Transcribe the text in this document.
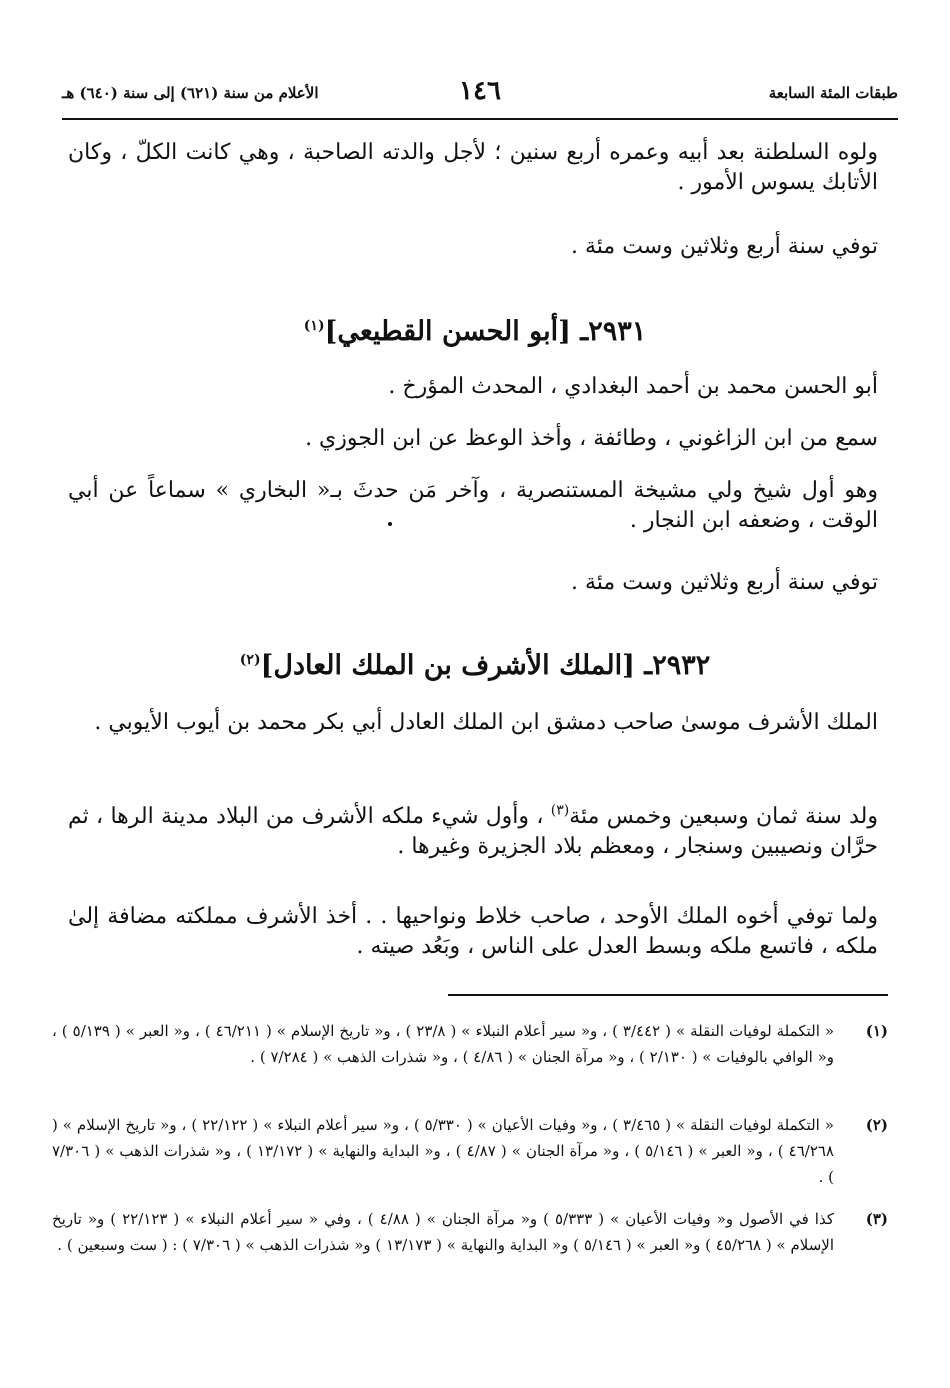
طبقات المئة السابعة
١٤٦
الأعلام من سنة (٦٢١) إلى سنة (٦٤٠) هـ
ولوه السلطنة بعد أبيه وعمره أربع سنين ؛ لأجل والدته الصاحبة ، وهي كانت الكلّ ، وكان الأتابك يسوس الأمور .
توفي سنة أربع وثلاثين وست مئة .
٢٩٣١ـ [أبو الحسن القطيعي]$^{(١)}$
أبو الحسن محمد بن أحمد البغدادي ، المحدث المؤرخ .
سمع من ابن الزاغوني ، وطائفة ، وأخذ الوعظ عن ابن الجوزي .
وهو أول شيخ ولي مشيخة المستنصرية ، وآخر مَن حدثَ بـ« البخاري » سماعاً عن أبي الوقت ، وضعفه ابن النجار .
توفي سنة أربع وثلاثين وست مئة .
٢٩٣٢ـ [الملك الأشرف بن الملك العادل]$^{(٢)}$
الملك الأشرف موسىٰ صاحب دمشق ابن الملك العادل أبي بكر محمد بن أيوب الأيوبي .
ولد سنة ثمان وسبعين وخمس مئة$^{(٣)}$ ، وأول شيء ملكه الأشرف من البلاد مدينة الرها ، ثم حرَّان ونصيبين وسنجار ، ومعظم بلاد الجزيرة وغيرها .
ولما توفي أخوه الملك الأوحد ، صاحب خلاط ونواحيها . . أخذ الأشرف مملكته مضافة إلىٰ ملكه ، فاتسع ملكه وبسط العدل على الناس ، وبَعُد صيته .
(١)
« التكملة لوفيات النقلة » ( ٣/٤٤٢ ) ، و« سير أعلام النبلاء » ( ٢٣/٨ ) ، و« تاريخ الإسلام » ( ٤٦/٢١١ ) ، و« العبر » ( ٥/١٣٩ ) ، و« الوافي بالوفيات » ( ٢/١٣٠ ) ، و« مرآة الجنان » ( ٤/٨٦ ) ، و« شذرات الذهب » ( ٧/٢٨٤ ) .
(٢)
« التكملة لوفيات النقلة » ( ٣/٤٦٥ ) ، و« وفيات الأعيان » ( ٥/٣٣٠ ) ، و« سير أعلام النبلاء » ( ٢٢/١٢٢ ) ، و« تاريخ الإسلام » ( ٤٦/٢٦٨ ) ، و« العبر » ( ٥/١٤٦ ) ، و« مرآة الجنان » ( ٤/٨٧ ) ، و« البداية والنهاية » ( ١٣/١٧٢ ) ، و« شذرات الذهب » ( ٧/٣٠٦ ) .
(٣)
كذا في الأصول و« وفيات الأعيان » ( ٥/٣٣٣ ) و« مرآة الجنان » ( ٤/٨٨ ) ، وفي « سير أعلام النبلاء » ( ٢٢/١٢٣ ) و« تاريخ الإسلام » ( ٤٥/٢٦٨ ) و« العبر » ( ٥/١٤٦ ) و« البداية والنهاية » ( ١٣/١٧٣ ) و« شذرات الذهب » ( ٧/٣٠٦ ) : ( ست وسبعين ) .
